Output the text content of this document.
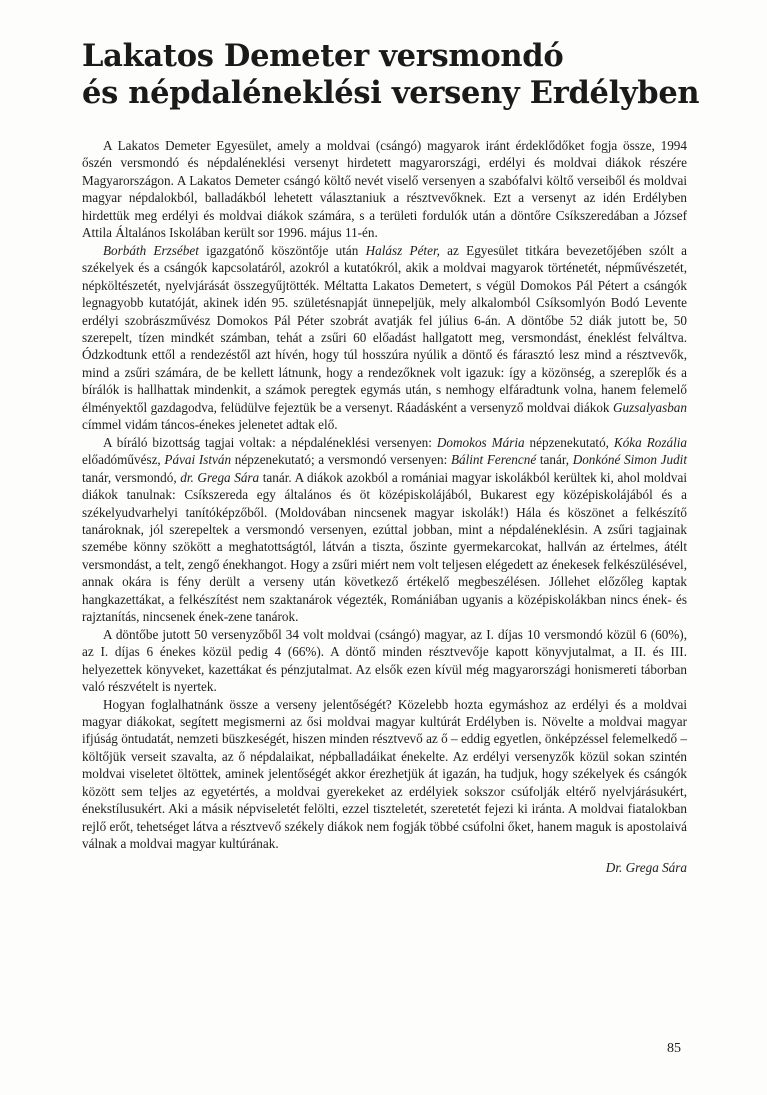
Lakatos Demeter versmondó
és népdaléneklési verseny Erdélyben

A Lakatos Demeter Egyesület, amely a moldvai (csángó) magyarok iránt érdeklődőket fogja össze, 1994 őszén versmondó és népdaléneklési versenyt hirdetett magyarországi, erdélyi és moldvai diákok részére Magyarországon. A Lakatos Demeter csángó költő nevét viselő versenyen a szabófalvi költő verseiből és moldvai magyar népdalokból, balladákból lehetett választaniuk a résztvevőknek. Ezt a versenyt az idén Erdélyben hirdettük meg erdélyi és moldvai diákok számára, s a területi fordulók után a döntőre Csíkszeredában a József Attila Általános Iskolában került sor 1996. május 11-én.

Borbáth Erzsébet igazgatónő köszöntője után Halász Péter, az Egyesület titkára bevezetőjében szólt a székelyek és a csángók kapcsolatáról, azokról a kutatókról, akik a moldvai magyarok történetét, népművészetét, népköltészetét, nyelvjárását összegyűjtötték. Méltatta Lakatos Demetert, s végül Domokos Pál Pétert a csángók legnagyobb kutatóját, akinek idén 95. születésnapját ünnepeljük, mely alkalomból Csíksomlyón Bodó Levente erdélyi szobrászművész Domokos Pál Péter szobrát avatják fel július 6-án. A döntőbe 52 diák jutott be, 50 szerepelt, tízen mindkét számban, tehát a zsűri 60 előadást hallgatott meg, versmondást, éneklést felváltva. Ódzkodtunk ettől a rendezéstől azt hívén, hogy túl hosszúra nyúlik a döntő és fárasztó lesz mind a résztvevők, mind a zsűri számára, de be kellett látnunk, hogy a rendezőknek volt igazuk: így a közönség, a szereplők és a bírálók is hallhattak mindenkit, a számok peregtek egymás után, s nemhogy elfáradtunk volna, hanem felemelő élményektől gazdagodva, felüdülve fejeztük be a versenyt. Ráadásként a versenyző moldvai diákok Guzsalyasban címmel vidám táncos-énekes jelenetet adtak elő.

A bíráló bizottság tagjai voltak: a népdaléneklési versenyen: Domokos Mária népzenekutató, Kóka Rozália előadóművész, Pávai István népzenekutató; a versmondó versenyen: Bálint Ferencné tanár, Donkóné Simon Judit tanár, versmondó, dr. Grega Sára tanár. A diákok azokból a romániai magyar iskolákból kerültek ki, ahol moldvai diákok tanulnak: Csíkszereda egy általános és öt középiskolájából, Bukarest egy középiskolájából és a székelyudvarhelyi tanítóképzőből. (Moldovában nincsenek magyar iskolák!) Hála és köszönet a felkészítő tanároknak, jól szerepeltek a versmondó versenyen, ezúttal jobban, mint a népdaléneklésin. A zsűri tagjainak szemébe könny szökött a meghatottságtól, látván a tiszta, őszinte gyermekarcokat, hallván az értelmes, átélt versmondást, a telt, zengő énekhangot. Hogy a zsűri miért nem volt teljesen elégedett az énekesek felkészülésével, annak okára is fény derült a verseny után következő értékelő megbeszélésen. Jóllehet előzőleg kaptak hangkazettákat, a felkészítést nem szaktanárok végezték, Romániában ugyanis a középiskolákban nincs ének- és rajztanítás, nincsenek ének-zene tanárok.

A döntőbe jutott 50 versenyzőből 34 volt moldvai (csángó) magyar, az I. díjas 10 versmondó közül 6 (60%), az I. díjas 6 énekes közül pedig 4 (66%). A döntő minden résztvevője kapott könyvjutalmat, a II. és III. helyezettek könyveket, kazettákat és pénzjutalmat. Az elsők ezen kívül még magyarországi honismereti táborban való részvételt is nyertek.

Hogyan foglalhatnánk össze a verseny jelentőségét? Közelebb hozta egymáshoz az erdélyi és a moldvai magyar diákokat, segített megismerni az ősi moldvai magyar kultúrát Erdélyben is. Növelte a moldvai magyar ifjúság öntudatát, nemzeti büszkeségét, hiszen minden résztvevő az ő – eddig egyetlen, önképzéssel felemelkedő – költőjük verseit szavalta, az ő népdalaikat, népballadáikat énekelte. Az erdélyi versenyzők közül sokan szintén moldvai viseletet öltöttek, aminek jelentőségét akkor érezhetjük át igazán, ha tudjuk, hogy székelyek és csángók között sem teljes az egyetértés, a moldvai gyerekeket az erdélyiek sokszor csúfolják eltérő nyelvjárásukért, énekstílusukért. Aki a másik népviseletét felölti, ezzel tiszteletét, szeretetét fejezi ki iránta. A moldvai fiatalokban rejlő erőt, tehetséget látva a résztvevő székely diákok nem fogják többé csúfolni őket, hanem maguk is apostolaivá válnak a moldvai magyar kultúrának.

Dr. Grega Sára
85
